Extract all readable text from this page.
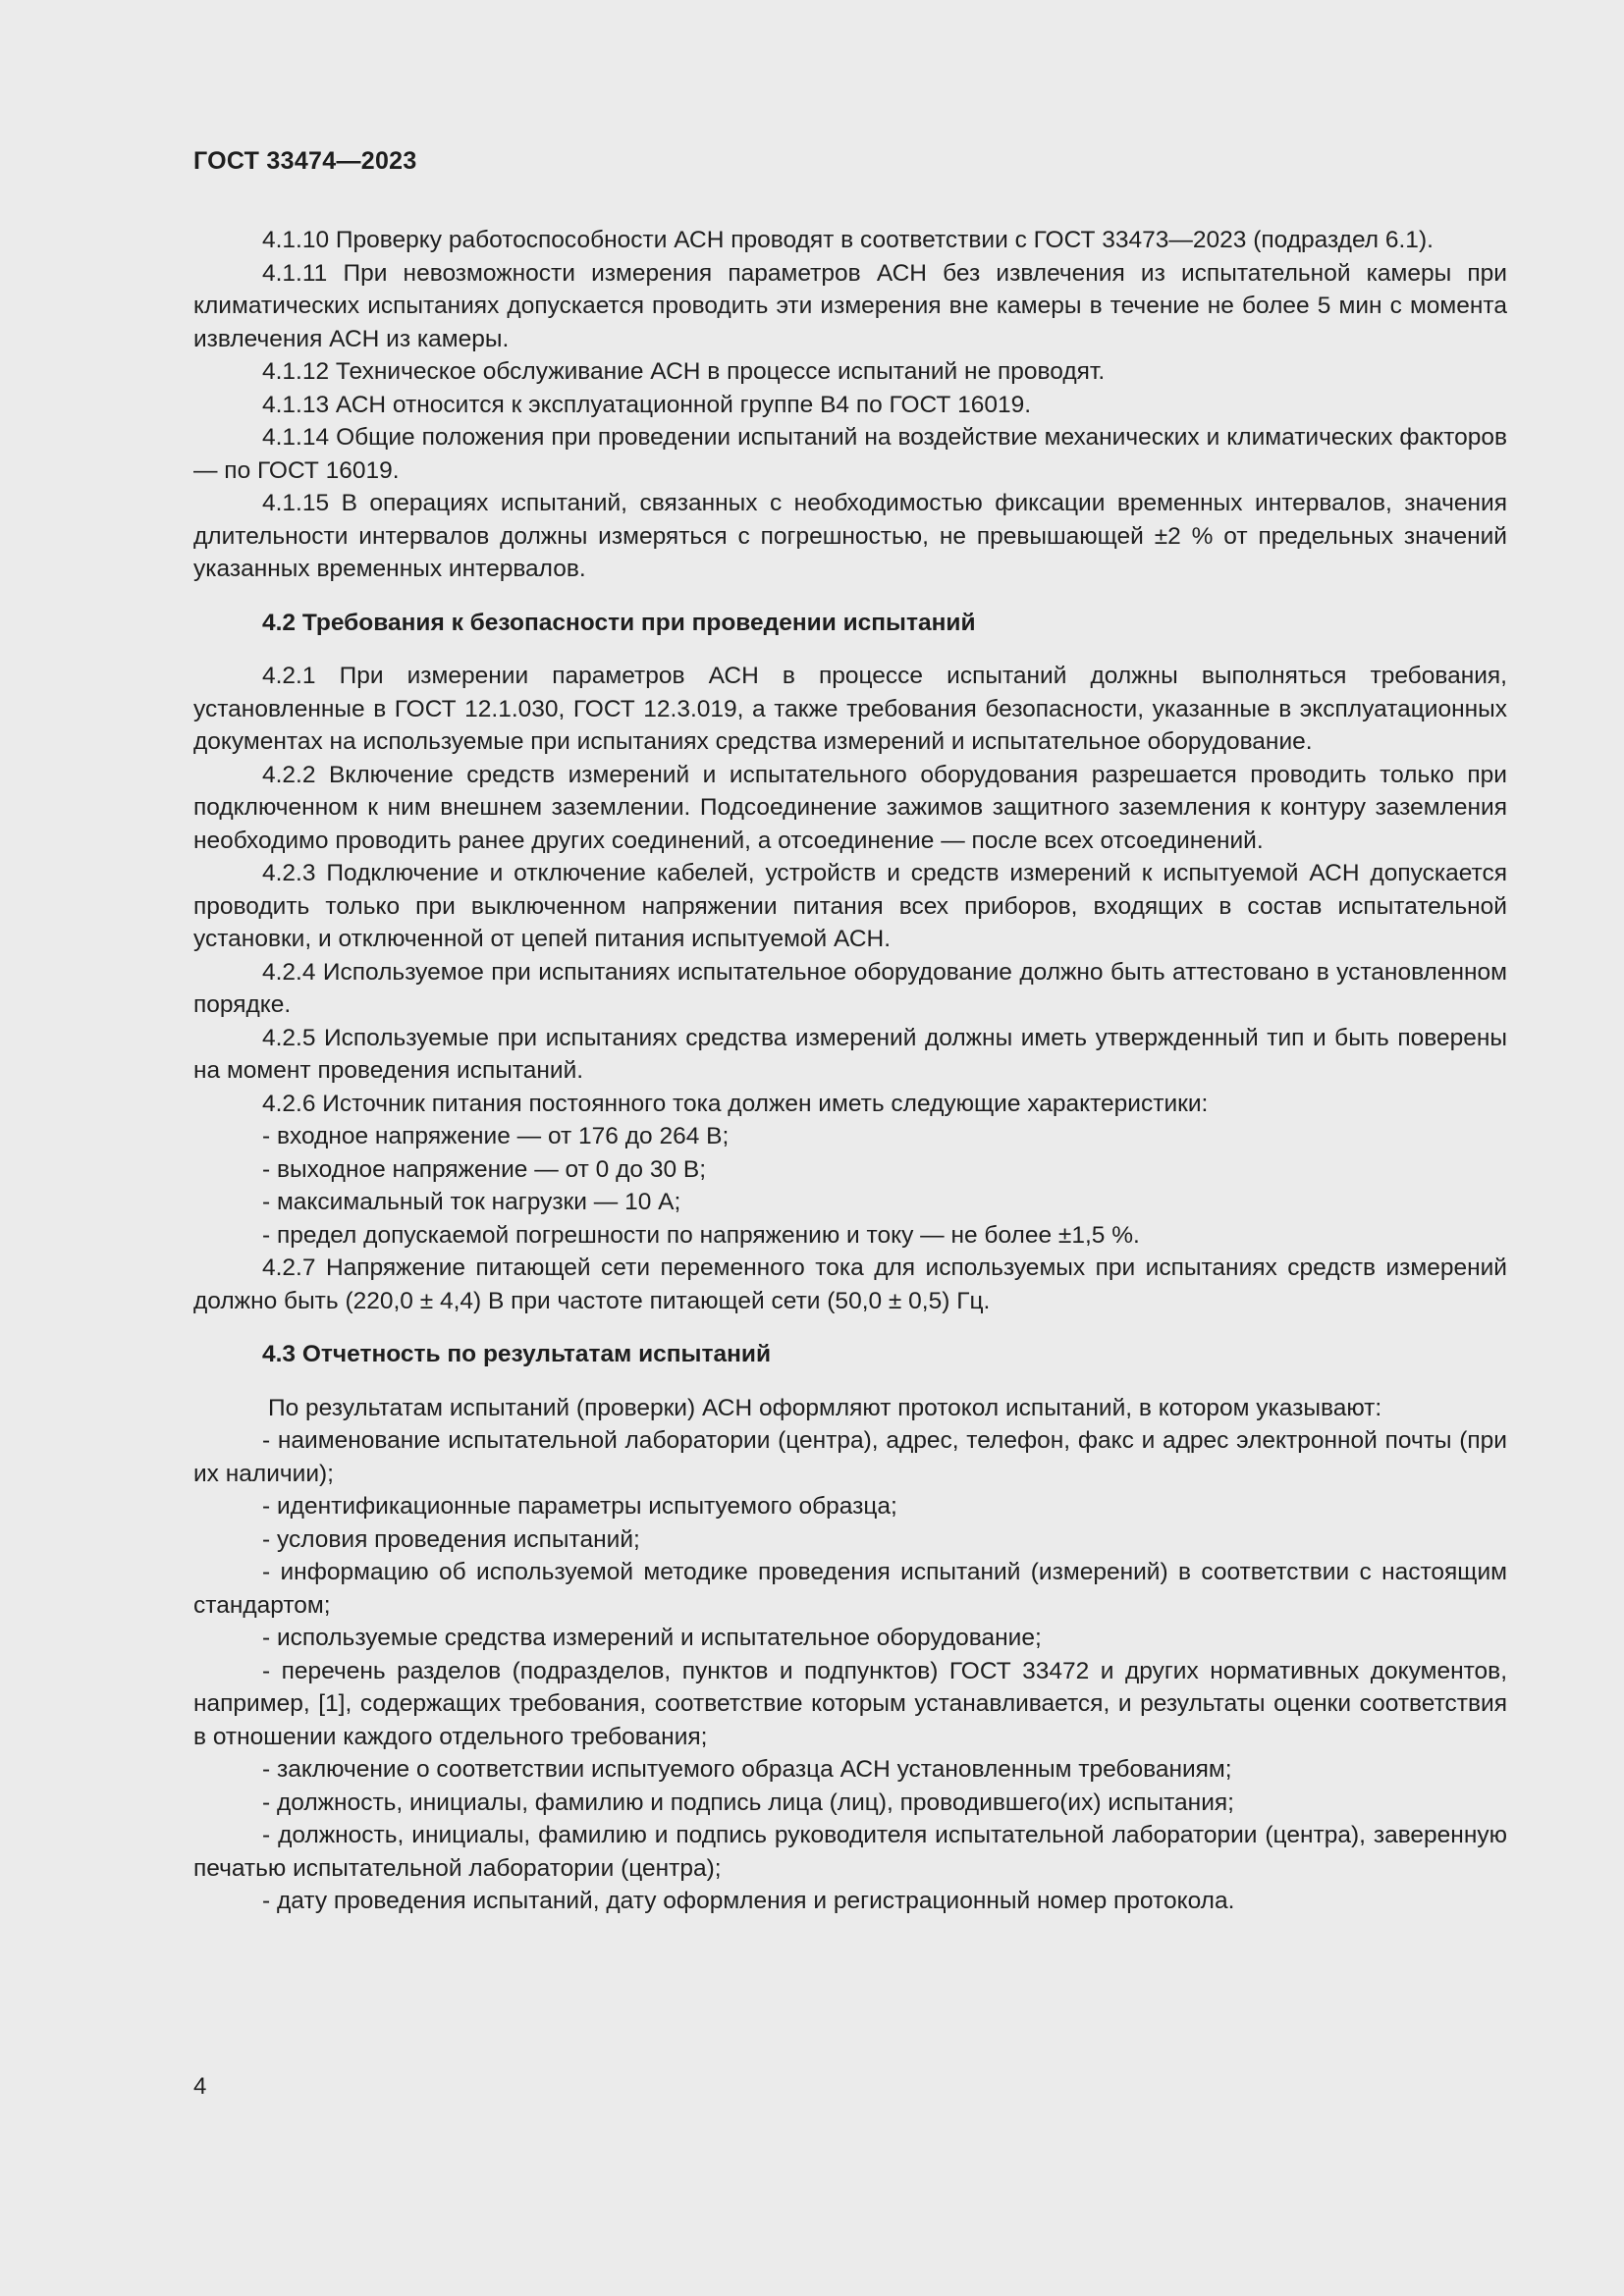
ГОСТ 33474—2023

4.1.10 Проверку работоспособности АСН проводят в соответствии с ГОСТ 33473—2023 (подраздел 6.1).

4.1.11 При невозможности измерения параметров АСН без извлечения из испытательной камеры при климатических испытаниях допускается проводить эти измерения вне камеры в течение не более 5 мин с момента извлечения АСН из камеры.

4.1.12 Техническое обслуживание АСН в процессе испытаний не проводят.

4.1.13 АСН относится к эксплуатационной группе В4 по ГОСТ 16019.

4.1.14 Общие положения при проведении испытаний на воздействие механических и климатических факторов — по ГОСТ 16019.

4.1.15 В операциях испытаний, связанных с необходимостью фиксации временных интервалов, значения длительности интервалов должны измеряться с погрешностью, не превышающей ±2 % от предельных значений указанных временных интервалов.

4.2 Требования к безопасности при проведении испытаний

4.2.1 При измерении параметров АСН в процессе испытаний должны выполняться требования, установленные в ГОСТ 12.1.030, ГОСТ 12.3.019, а также требования безопасности, указанные в эксплуатационных документах на используемые при испытаниях средства измерений и испытательное оборудование.

4.2.2 Включение средств измерений и испытательного оборудования разрешается проводить только при подключенном к ним внешнем заземлении. Подсоединение зажимов защитного заземления к контуру заземления необходимо проводить ранее других соединений, а отсоединение — после всех отсоединений.

4.2.3 Подключение и отключение кабелей, устройств и средств измерений к испытуемой АСН допускается проводить только при выключенном напряжении питания всех приборов, входящих в состав испытательной установки, и отключенной от цепей питания испытуемой АСН.

4.2.4 Используемое при испытаниях испытательное оборудование должно быть аттестовано в установленном порядке.

4.2.5 Используемые при испытаниях средства измерений должны иметь утвержденный тип и быть поверены на момент проведения испытаний.

4.2.6 Источник питания постоянного тока должен иметь следующие характеристики:

- входное напряжение — от 176 до 264 В;

- выходное напряжение — от 0 до 30 В;

- максимальный ток нагрузки — 10 А;

- предел допускаемой погрешности по напряжению и току — не более ±1,5 %.

4.2.7 Напряжение питающей сети переменного тока для используемых при испытаниях средств измерений должно быть (220,0 ± 4,4) В при частоте питающей сети (50,0 ± 0,5) Гц.

4.3 Отчетность по результатам испытаний

По результатам испытаний (проверки) АСН оформляют протокол испытаний, в котором указывают:

- наименование испытательной лаборатории (центра), адрес, телефон, факс и адрес электронной почты (при их наличии);

- идентификационные параметры испытуемого образца;

- условия проведения испытаний;

- информацию об используемой методике проведения испытаний (измерений) в соответствии с настоящим стандартом;

- используемые средства измерений и испытательное оборудование;

- перечень разделов (подразделов, пунктов и подпунктов) ГОСТ 33472 и других нормативных документов, например, [1], содержащих требования, соответствие которым устанавливается, и результаты оценки соответствия в отношении каждого отдельного требования;

- заключение о соответствии испытуемого образца АСН установленным требованиям;

- должность, инициалы, фамилию и подпись лица (лиц), проводившего(их) испытания;

- должность, инициалы, фамилию и подпись руководителя испытательной лаборатории (центра), заверенную печатью испытательной лаборатории (центра);

- дату проведения испытаний, дату оформления и регистрационный номер протокола.

4
